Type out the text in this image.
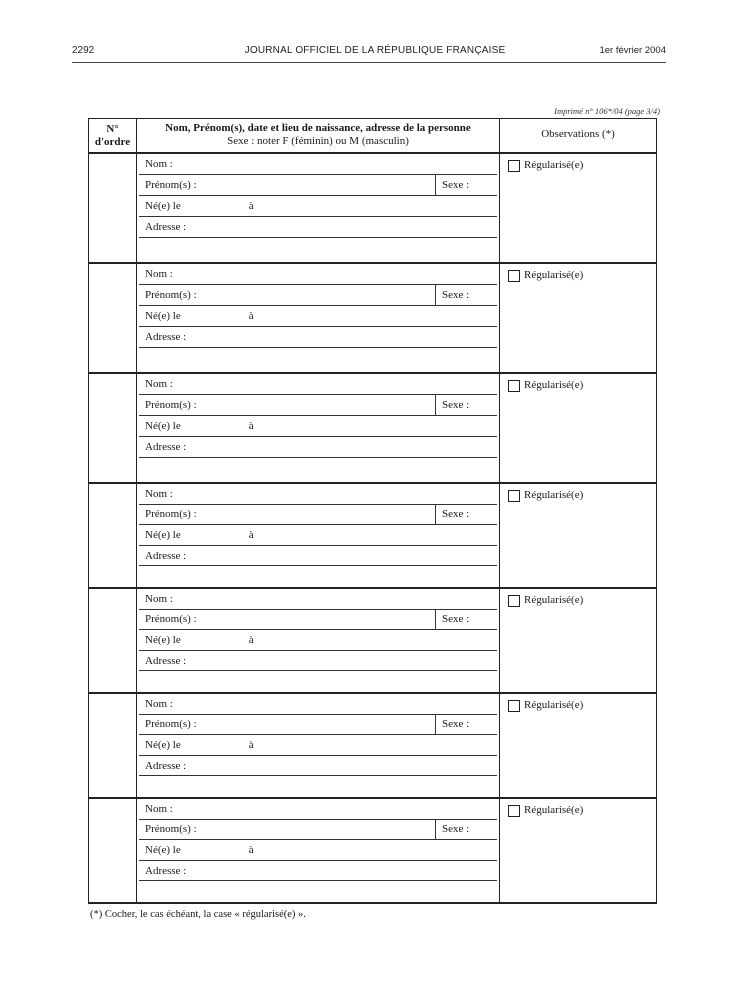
2292	JOURNAL OFFICIEL DE LA RÉPUBLIQUE FRANÇAISE	1er février 2004
Imprimé n° 106*/04 (page 3/4)
N°
d'ordre
Nom, Prénom(s), date et lieu de naissance, adresse de la personne
Sexe : noter F (féminin) ou M (masculin)
Observations (*)
Nom :
Prénom(s) :	Sexe :
Né(e) le	à
Adresse :
Régularisé(e)
Nom :
Prénom(s) :	Sexe :
Né(e) le	à
Adresse :
Régularisé(e)
Nom :
Prénom(s) :	Sexe :
Né(e) le	à
Adresse :
Régularisé(e)
Nom :
Prénom(s) :	Sexe :
Né(e) le	à
Adresse :
Régularisé(e)
Nom :
Prénom(s) :	Sexe :
Né(e) le	à
Adresse :
Régularisé(e)
Nom :
Prénom(s) :	Sexe :
Né(e) le	à
Adresse :
Régularisé(e)
Nom :
Prénom(s) :	Sexe :
Né(e) le	à
Adresse :
Régularisé(e)
(*) Cocher, le cas échéant, la case « régularisé(e) ».
